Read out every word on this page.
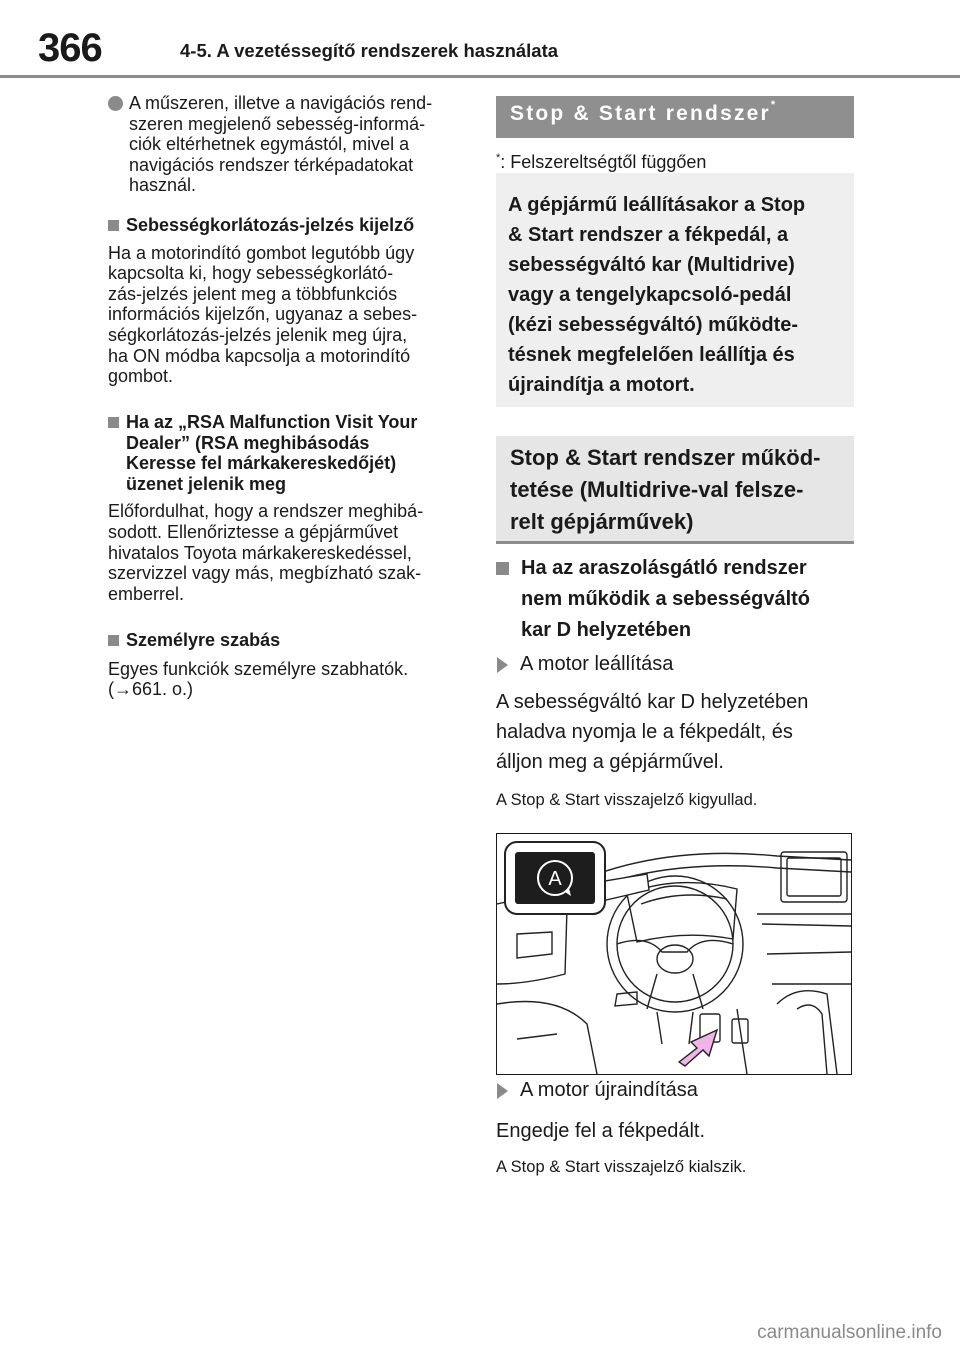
366	4-5. A vezetéssegítő rendszerek használata
A műszeren, illetve a navigációs rend-
szeren megjelenő sebesség-informá-
ciók eltérhetnek egymástól, mivel a
navigációs rendszer térképadatokat
használ.
Sebességkorlátozás-jelzés kijelző

Ha a motorindító gombot legutóbb úgy
kapcsolta ki, hogy sebességkorlátó-
zás-jelzés jelent meg a többfunkciós
információs kijelzőn, ugyanaz a sebes-
ségkorlátozás-jelzés jelenik meg újra,
ha ON módba kapcsolja a motorindító
gombot.

Ha az „RSA Malfunction Visit Your
Dealer” (RSA meghibásodás
Keresse fel márkakereskedőjét)
üzenet jelenik meg

Előfordulhat, hogy a rendszer meghibá-
sodott. Ellenőriztesse a gépjárművet
hivatalos Toyota márkakereskedéssel,
szervizzel vagy más, megbízható szak-
emberrel.

Személyre szabás

Egyes funkciók személyre szabhatók.
(→661. o.)

Stop & Start rendszer*
*: Felszereltségtől függően
A gépjármű leállításakor a Stop
& Start rendszer a fékpedál, a
sebességváltó kar (Multidrive)
vagy a tengelykapcsoló-pedál
(kézi sebességváltó) működte-
tésnek megfelelően leállítja és
újraindítja a motort.
Stop & Start rendszer működ-
tetése (Multidrive-val felsze-
relt gépjárművek)
Ha az araszolásgátló rendszer
nem működik a sebességváltó
kar D helyzetében
A motor leállítása
A sebességváltó kar D helyzetében
haladva nyomja le a fékpedált, és
álljon meg a gépjárművel.
A Stop & Start visszajelző kigyullad.
A
A motor újraindítása
Engedje fel a fékpedált.
A Stop & Start visszajelző kialszik.
carmanualsonline.info
